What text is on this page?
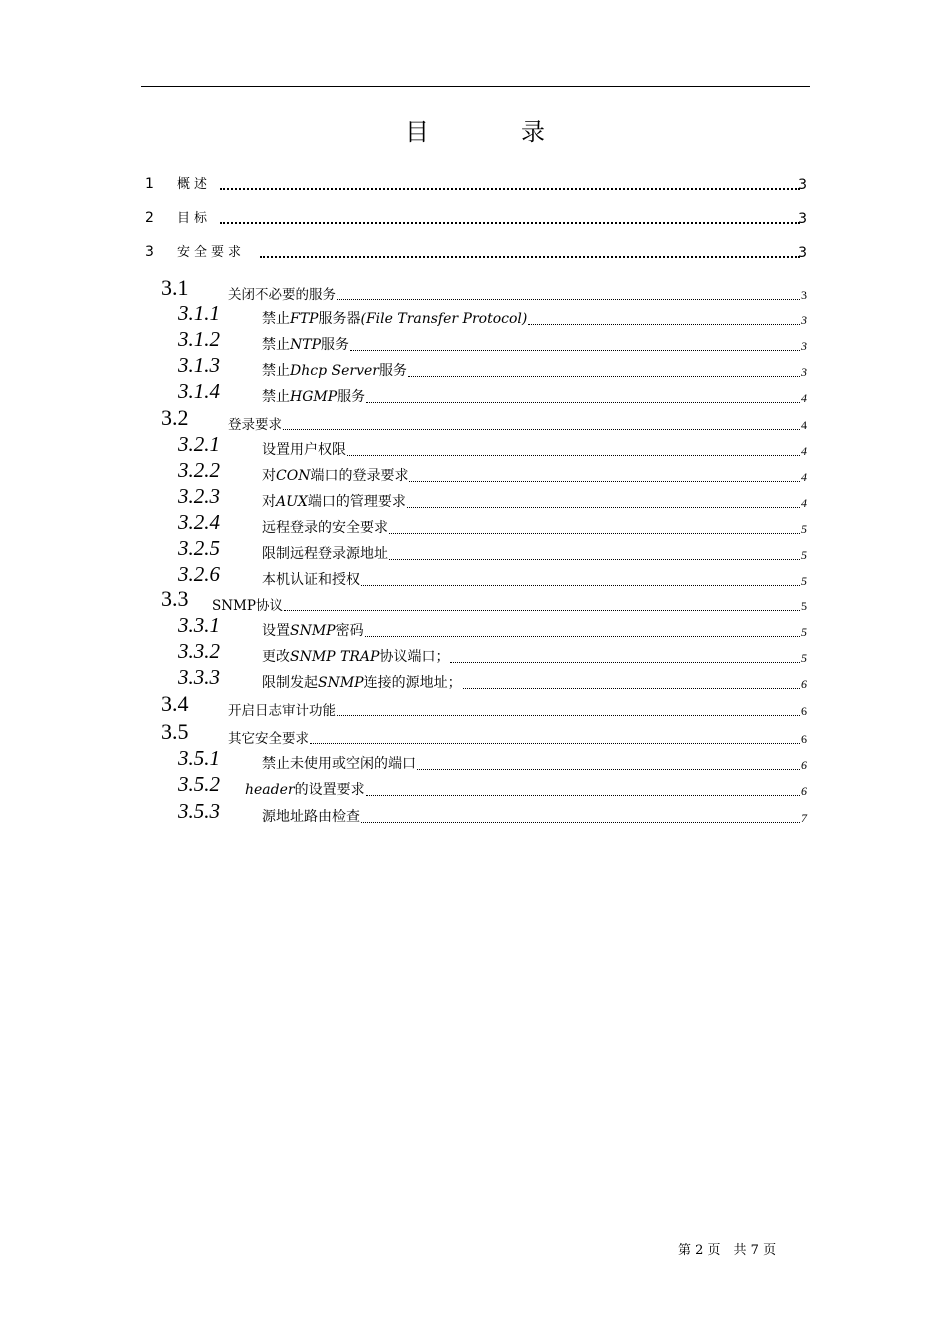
目　录
1 概述	3
2 目标	3
3 安全要求	3
3.1	关闭不必要的服务	3
3.1.1	禁止FTP服务器(File Transfer Protocol)	3
3.1.2	禁止NTP服务	3
3.1.3	禁止Dhcp Server服务	3
3.1.4	禁止HGMP服务	4
3.2	登录要求	4
3.2.1	设置用户权限	4
3.2.2	对CON端口的登录要求	4
3.2.3	对AUX端口的管理要求	4
3.2.4	远程登录的安全要求	5
3.2.5	限制远程登录源地址	5
3.2.6	本机认证和授权	5
3.3 SNMP协议	5
3.3.1	设置SNMP密码	5
3.3.2	更改SNMP TRAP协议端口；	5
3.3.3	限制发起SNMP连接的源地址；	6
3.4	开启日志审计功能	6
3.5	其它安全要求	6
3.5.1	禁止未使用或空闲的端口	6
3.5.2 header的设置要求	6
3.5.3	源地址路由检查	7
第 2 页　共 7 页
